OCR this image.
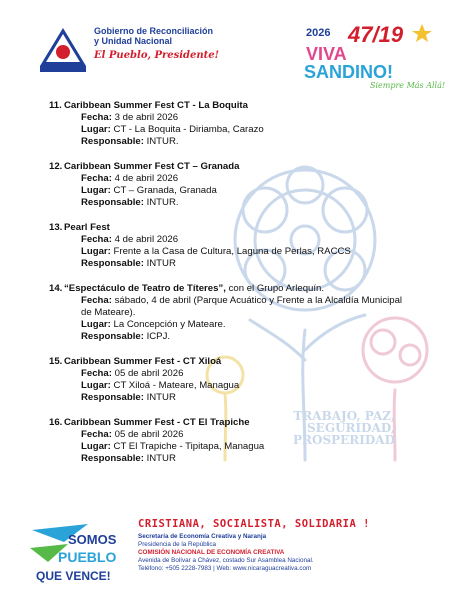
TRABAJO, PAZ,
SEGURIDAD,
PROSPERIDAD
NICARAGUA TRIUNFA
Gobierno de Reconciliación
y Unidad Nacional
El Pueblo, Presidente!
2026 47/19
VIVA
SANDINO!
Siempre Más Allá!
11. Caribbean Summer Fest CT - La Boquita
Fecha: 3 de abril 2026
Lugar: CT - La Boquita - Diriamba, Carazo
Responsable: INTUR.
12. Caribbean Summer Fest CT – Granada
Fecha: 4 de abril 2026
Lugar: CT – Granada, Granada
Responsable: INTUR.
13. Pearl Fest
Fecha: 4 de abril 2026
Lugar: Frente a la Casa de Cultura, Laguna de Perlas, RACCS
Responsable: INTUR
14. “Espectáculo de Teatro de Títeres”, con el Grupo Arlequín.
Fecha: sábado, 4 de abril (Parque Acuático y Frente a la Alcaldía Municipal de Mateare).
Lugar: La Concepción y Mateare.
Responsable: ICPJ.
15. Caribbean Summer Fest - CT Xiloá
Fecha: 05 de abril 2026
Lugar: CT Xiloá - Mateare, Managua
Responsable: INTUR
16. Caribbean Summer Fest - CT El Trapiche
Fecha: 05 de abril 2026
Lugar: CT El Trapiche - Tipitapa, Managua
Responsable: INTUR
SOMOS
PUEBLO
QUE VENCE!
CRISTIANA, SOCIALISTA, SOLIDARIA !
Secretaría de Economía Creativa y Naranja
Presidencia de la República
COMISIÓN NACIONAL DE ECONOMÍA CREATIVA
Avenida de Bolívar a Chávez, costado Sur Asamblea Nacional.
Teléfono: +505 2228-7983 | Web: www.nicaraguacreativa.com
